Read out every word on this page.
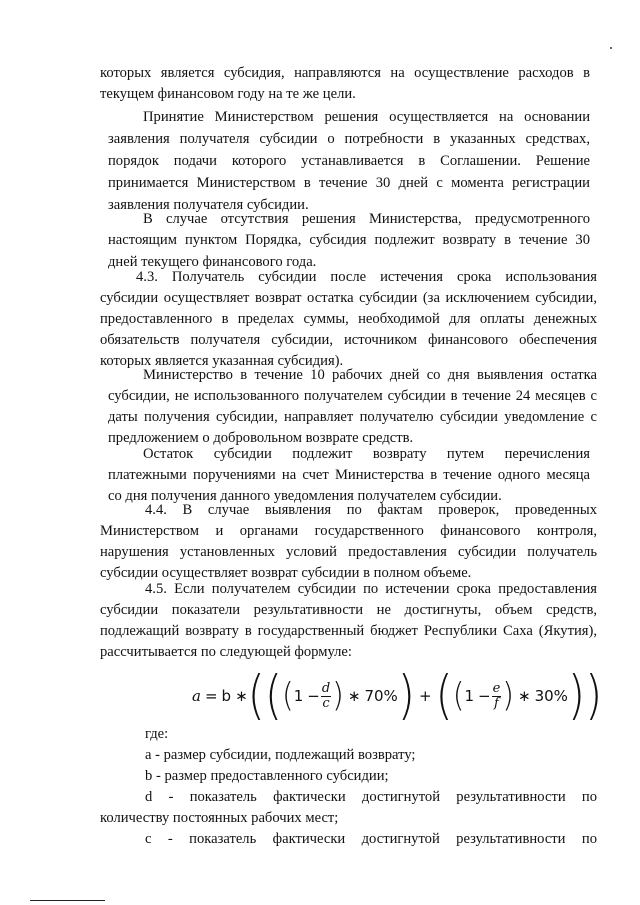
которых является субсидия, направляются на осуществление расходов в
текущем финансовом году на те же цели.
Принятие Министерством решения осуществляется на основании
заявления получателя субсидии о потребности в указанных средствах,
порядок подачи которого устанавливается в Соглашении. Решение
принимается Министерством в течение 30 дней с момента регистрации
заявления получателя субсидии.
В случае отсутствия решения Министерства, предусмотренного
настоящим пунктом Порядка, субсидия подлежит возврату в течение 30
дней текущего финансового года.
4.3. Получатель субсидии после истечения срока использования
субсидии осуществляет возврат остатка субсидии (за исключением субсидии,
предоставленного в пределах суммы, необходимой для оплаты денежных
обязательств получателя субсидии, источником финансового обеспечения
которых является указанная субсидия).
Министерство в течение 10 рабочих дней со дня выявления остатка
субсидии, не использованного получателем субсидии в течение 24 месяцев с
даты получения субсидии, направляет получателю субсидии уведомление с
предложением о добровольном возврате средств.
Остаток субсидии подлежит возврату путем перечисления
платежными поручениями на счет Министерства в течение одного месяца
со дня получения данного уведомления получателем субсидии.
4.4. В случае выявления по фактам проверок, проведенных
Министерством и органами государственного финансового контроля,
нарушения установленных условий предоставления субсидии получатель
субсидии осуществляет возврат субсидии в полном объеме.
4.5. Если получателем субсидии по истечении срока предоставления
субсидии показатели результативности не достигнуты, объем средств,
подлежащий возврату в государственный бюджет Республики Саха (Якутия),
рассчитывается по следующей формуле:
a = b ∗ ( ( ( $1 - \frac{d}{c}$ ) ∗ 70% ) + ( ( $1 - \frac{e}{f}$ ) ∗ 30% ) )
где:
а - размер субсидии, подлежащий возврату;
b - размер предоставленного субсидии;
d - показатель фактически достигнутой результативности по
количеству постоянных рабочих мест;
c - показатель фактически достигнутой результативности по
